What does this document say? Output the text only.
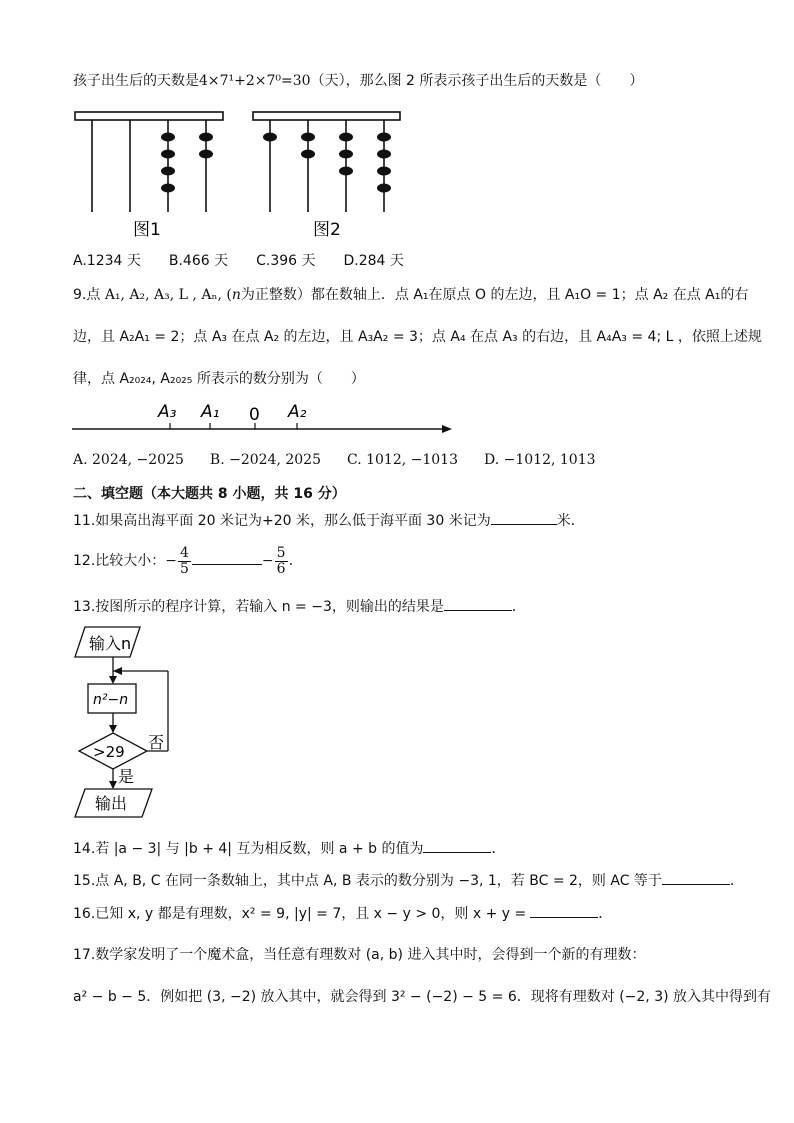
孩子出生后的天数是4×7¹+2×7⁰=30（天），那么图 2 所表示孩子出生后的天数是（　　）
图1	图2
A.1234 天 B.466 天 C.396 天 D.284 天
9.点 A₁, A₂, A₃, L , Aₙ, (n为正整数）都在数轴上．点 A₁在原点 O 的左边，且 A₁O = 1；点 A₂ 在点 A₁的右
边，且 A₂A₁ = 2；点 A₃ 在点 A₂ 的左边，且 A₃A₂ = 3；点 A₄ 在点 A₃ 的右边，且 A₄A₃ = 4; L ，依照上述规
律，点 A₂₀₂₄, A₂₀₂₅ 所表示的数分别为（　　）
A₃ A₁ 0 A₂
A. 2024, −2025 B. −2024, 2025 C. 1012, −1013 D. −1012, 1013
二、填空题（本大题共 8 小题，共 16 分）
11.如果高出海平面 20 米记为+20 米，那么低于海平面 30 米记为	米．
12.比较大小：− $\frac{4}{5}$	− $\frac{5}{6}$ .
13.按图所示的程序计算，若输入 n = −3，则输出的结果是	．
输入n
n²−n
>29 否
是
输出
14.若 |a − 3| 与 |b + 4| 互为相反数，则 a + b 的值为	．
15.点 A, B, C 在同一条数轴上，其中点 A, B 表示的数分别为 −3, 1，若 BC = 2，则 AC 等于	．
16.已知 x, y 都是有理数，x² = 9, |y| = 7，且 x − y > 0，则 x + y =	．
17.数学家发明了一个魔术盒，当任意有理数对 (a, b) 进入其中时，会得到一个新的有理数：
a² − b − 5．例如把 (3, −2) 放入其中，就会得到 3² − (−2) − 5 = 6．现将有理数对 (−2, 3) 放入其中得到有
